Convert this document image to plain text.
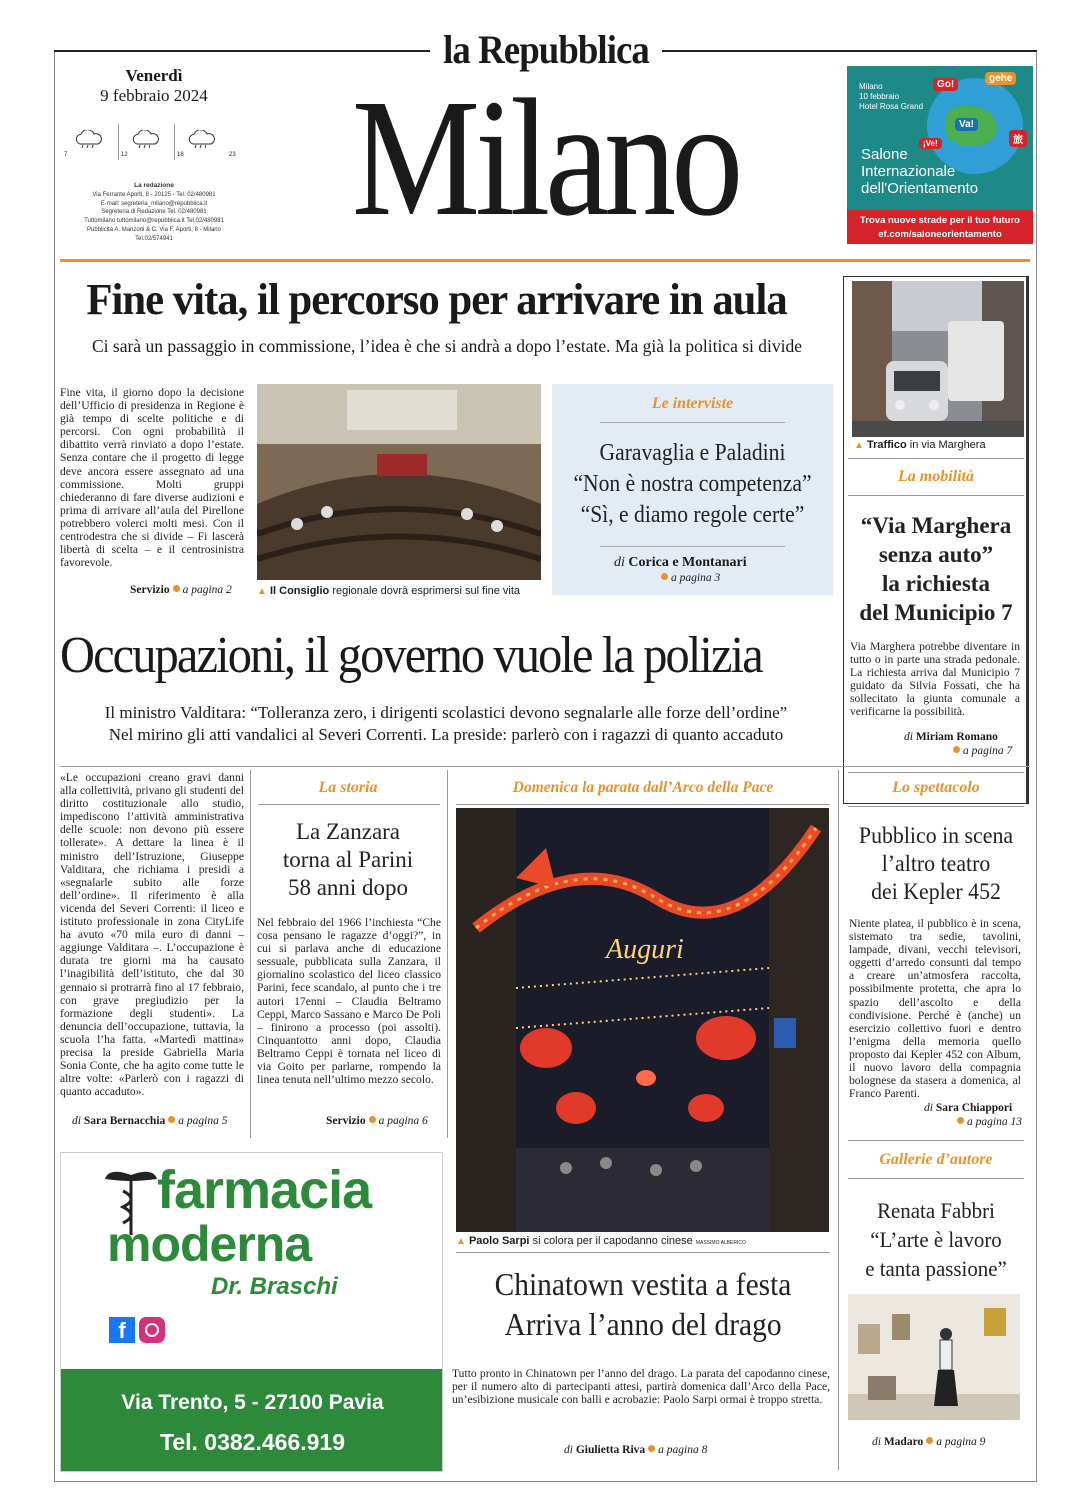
la Repubblica
Milano
Venerdì
9 febbraio 2024
7	12	18	23
La redazione
Via Ferrante Aporti, 8 - 20125 - Tel. 02/480981
E-mail: segreteria_milano@repubblica.it
Segreteria di Redazione Tel. 02/480981
Tuttomilano tuttomilano@repubblica.it Tel.02/480981
Pubblicità A. Manzoni & C. Via F. Aporti, 8 - Milano
Tel.02/574941
Milano
10 febbraio
Hotel Rosa Grand
Go!
gehe
Va!
¡Ve!	旅
Salone
Internazionale
dell'Orientamento
Trova nuove strade per il tuo futuro
ef.com/saloneorientamento
Fine vita, il percorso per arrivare in aula
Ci sarà un passaggio in commissione, l’idea è che si andrà a dopo l’estate. Ma già la politica si divide
Fine vita, il giorno dopo la decisione dell’Ufficio di presidenza in Regione è già tempo di scelte politiche e di percorsi. Con ogni probabilità il dibattito verrà rinviato a dopo l’estate. Senza contare che il progetto di legge deve ancora essere assegnato ad una commissione. Molti gruppi chiederanno di fare diverse audizioni e prima di arrivare all’aula del Pirellone potrebbero volerci molti mesi. Con il centrodestra che si divide – Fi lascerà libertà di scelta – e il centrosinistra favorevole.
Servizio a pagina 2	▲ Il Consiglio regionale dovrà esprimersi sul fine vita
Le interviste
Garavaglia e Paladini
“Non è nostra competenza”
“Sì, e diamo regole certe”
di Corica e Montanari
a pagina 3
▲ Traffico in via Marghera
La mobilità
“Via Marghera
senza auto”
la richiesta
del Municipio 7
Via Marghera potrebbe diventare in tutto o in parte una strada pedonale. La richiesta arriva dal Municipio 7 guidato da Silvia Fossati, che ha sollecitato la giunta comunale a verificarne la possibilità.
di Miriam Romano
a pagina 7
Occupazioni, il governo vuole la polizia
Il ministro Valditara: “Tolleranza zero, i dirigenti scolastici devono segnalarle alle forze dell’ordine”
Nel mirino gli atti vandalici al Severi Correnti. La preside: parlerò con i ragazzi di quanto accaduto
«Le occupazioni creano gravi danni alla collettività, privano gli studenti del diritto costituzionale allo studio, impediscono l’attività amministrativa delle scuole: non devono più essere tollerate». A dettare la linea è il ministro dell’Istruzione, Giuseppe Valditara, che richiama i presidi a «segnalarle subito alle forze dell’ordine». Il riferimento è alla vicenda del Severi Correnti: il liceo e istituto professionale in zona CityLife ha avuto «70 mila euro di danni – aggiunge Valditara –. L’occupazione è durata tre giorni ma ha causato l’inagibilità dell’istituto, che dal 30 gennaio si protrarrà fino al 17 febbraio, con grave pregiudizio per la formazione degli studenti». La denuncia dell’occupazione, tuttavia, la scuola l’ha fatta. «Martedì mattina» precisa la preside Gabriella Maria Sonia Conte, che ha agito come tutte le altre volte: «Parlerò con i ragazzi di quanto accaduto».
di Sara Bernacchia a pagina 5
La storia
La Zanzara
torna al Parini
58 anni dopo
Nel febbraio del 1966 l’inchiesta “Che cosa pensano le ragazze d’oggi?”, in cui si parlava anche di educazione sessuale, pubblicata sulla Zanzara, il giornalino scolastico del liceo classico Parini, fece scandalo, al punto che i tre autori 17enni – Claudia Beltramo Ceppi, Marco Sassano e Marco De Poli – finirono a processo (poi assolti). Cinquantotto anni dopo, Claudia Beltramo Ceppi è tornata nel liceo di via Goito per parlarne, rompendo la linea tenuta nell’ultimo mezzo secolo.
Servizio a pagina 6
Domenica la parata dall’Arco della Pace
Auguri
▲ Paolo Sarpi si colora per il capodanno cinese MASSIMO ALBERICO
Chinatown vestita a festa
Arriva l’anno del drago
Tutto pronto in Chinatown per l’anno del drago. La parata del capodanno cinese, per il numero alto di partecipanti attesi, partirà domenica dall’Arco della Pace, un’esibizione musicale con balli e acrobazie: Paolo Sarpi ormai è troppo stretta.
di Giulietta Riva a pagina 8
Lo spettacolo
Pubblico in scena
l’altro teatro
dei Kepler 452
Niente platea, il pubblico è in scena, sistemato tra sedie, tavolini, lampade, divani, vecchi televisori, oggetti d’arredo consunti dal tempo a creare un’atmosfera raccolta, possibilmente protetta, che apra lo spazio dell’ascolto e della condivisione. Perché è (anche) un esercizio collettivo fuori e dentro l’enigma della memoria quello proposto dai Kepler 452 con Album, il nuovo lavoro della compagnia bolognese da stasera a domenica, al Franco Parenti.
di Sara Chiappori
a pagina 13
Gallerie d’autore
Renata Fabbri
“L’arte è lavoro
e tanta passione”
di Madaro a pagina 9
farmacia
moderna
Dr. Braschi
f
Via Trento, 5 - 27100 Pavia
Tel. 0382.466.919
